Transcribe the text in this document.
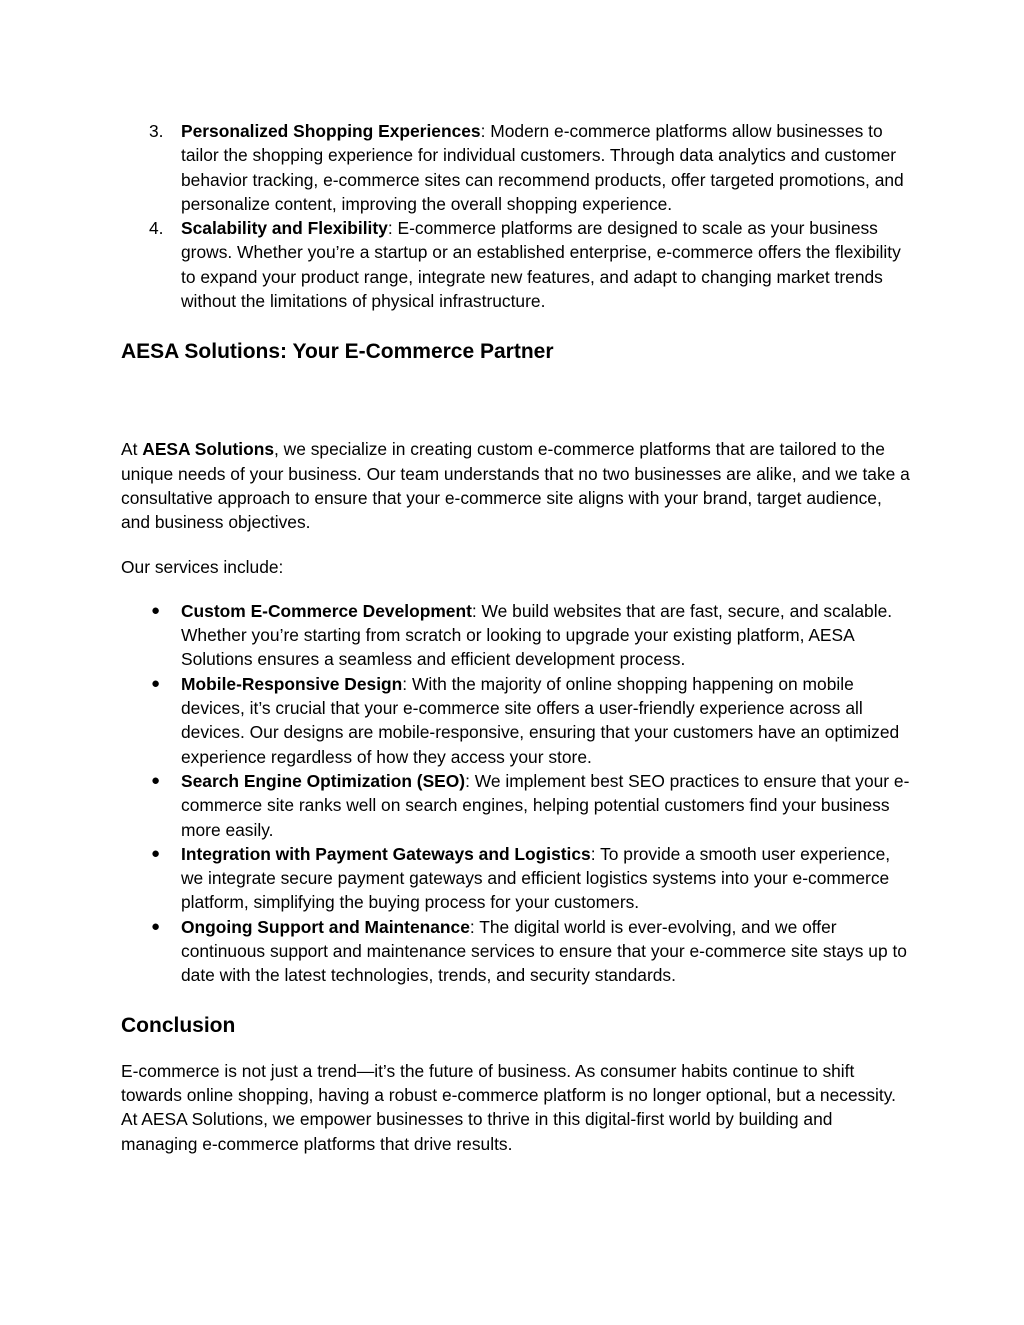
3. Personalized Shopping Experiences: Modern e-commerce platforms allow businesses to tailor the shopping experience for individual customers. Through data analytics and customer behavior tracking, e-commerce sites can recommend products, offer targeted promotions, and personalize content, improving the overall shopping experience.
4. Scalability and Flexibility: E-commerce platforms are designed to scale as your business grows. Whether you’re a startup or an established enterprise, e-commerce offers the flexibility to expand your product range, integrate new features, and adapt to changing market trends without the limitations of physical infrastructure.
AESA Solutions: Your E-Commerce Partner

At AESA Solutions, we specialize in creating custom e-commerce platforms that are tailored to the unique needs of your business. Our team understands that no two businesses are alike, and we take a consultative approach to ensure that your e-commerce site aligns with your brand, target audience, and business objectives.

Our services include:

● Custom E-Commerce Development: We build websites that are fast, secure, and scalable. Whether you’re starting from scratch or looking to upgrade your existing platform, AESA Solutions ensures a seamless and efficient development process.
● Mobile-Responsive Design: With the majority of online shopping happening on mobile devices, it’s crucial that your e-commerce site offers a user-friendly experience across all devices. Our designs are mobile-responsive, ensuring that your customers have an optimized experience regardless of how they access your store.
● Search Engine Optimization (SEO): We implement best SEO practices to ensure that your e-commerce site ranks well on search engines, helping potential customers find your business more easily.
● Integration with Payment Gateways and Logistics: To provide a smooth user experience, we integrate secure payment gateways and efficient logistics systems into your e-commerce platform, simplifying the buying process for your customers.
● Ongoing Support and Maintenance: The digital world is ever-evolving, and we offer continuous support and maintenance services to ensure that your e-commerce site stays up to date with the latest technologies, trends, and security standards.
Conclusion

E-commerce is not just a trend—it’s the future of business. As consumer habits continue to shift towards online shopping, having a robust e-commerce platform is no longer optional, but a necessity. At AESA Solutions, we empower businesses to thrive in this digital-first world by building and managing e-commerce platforms that drive results.
